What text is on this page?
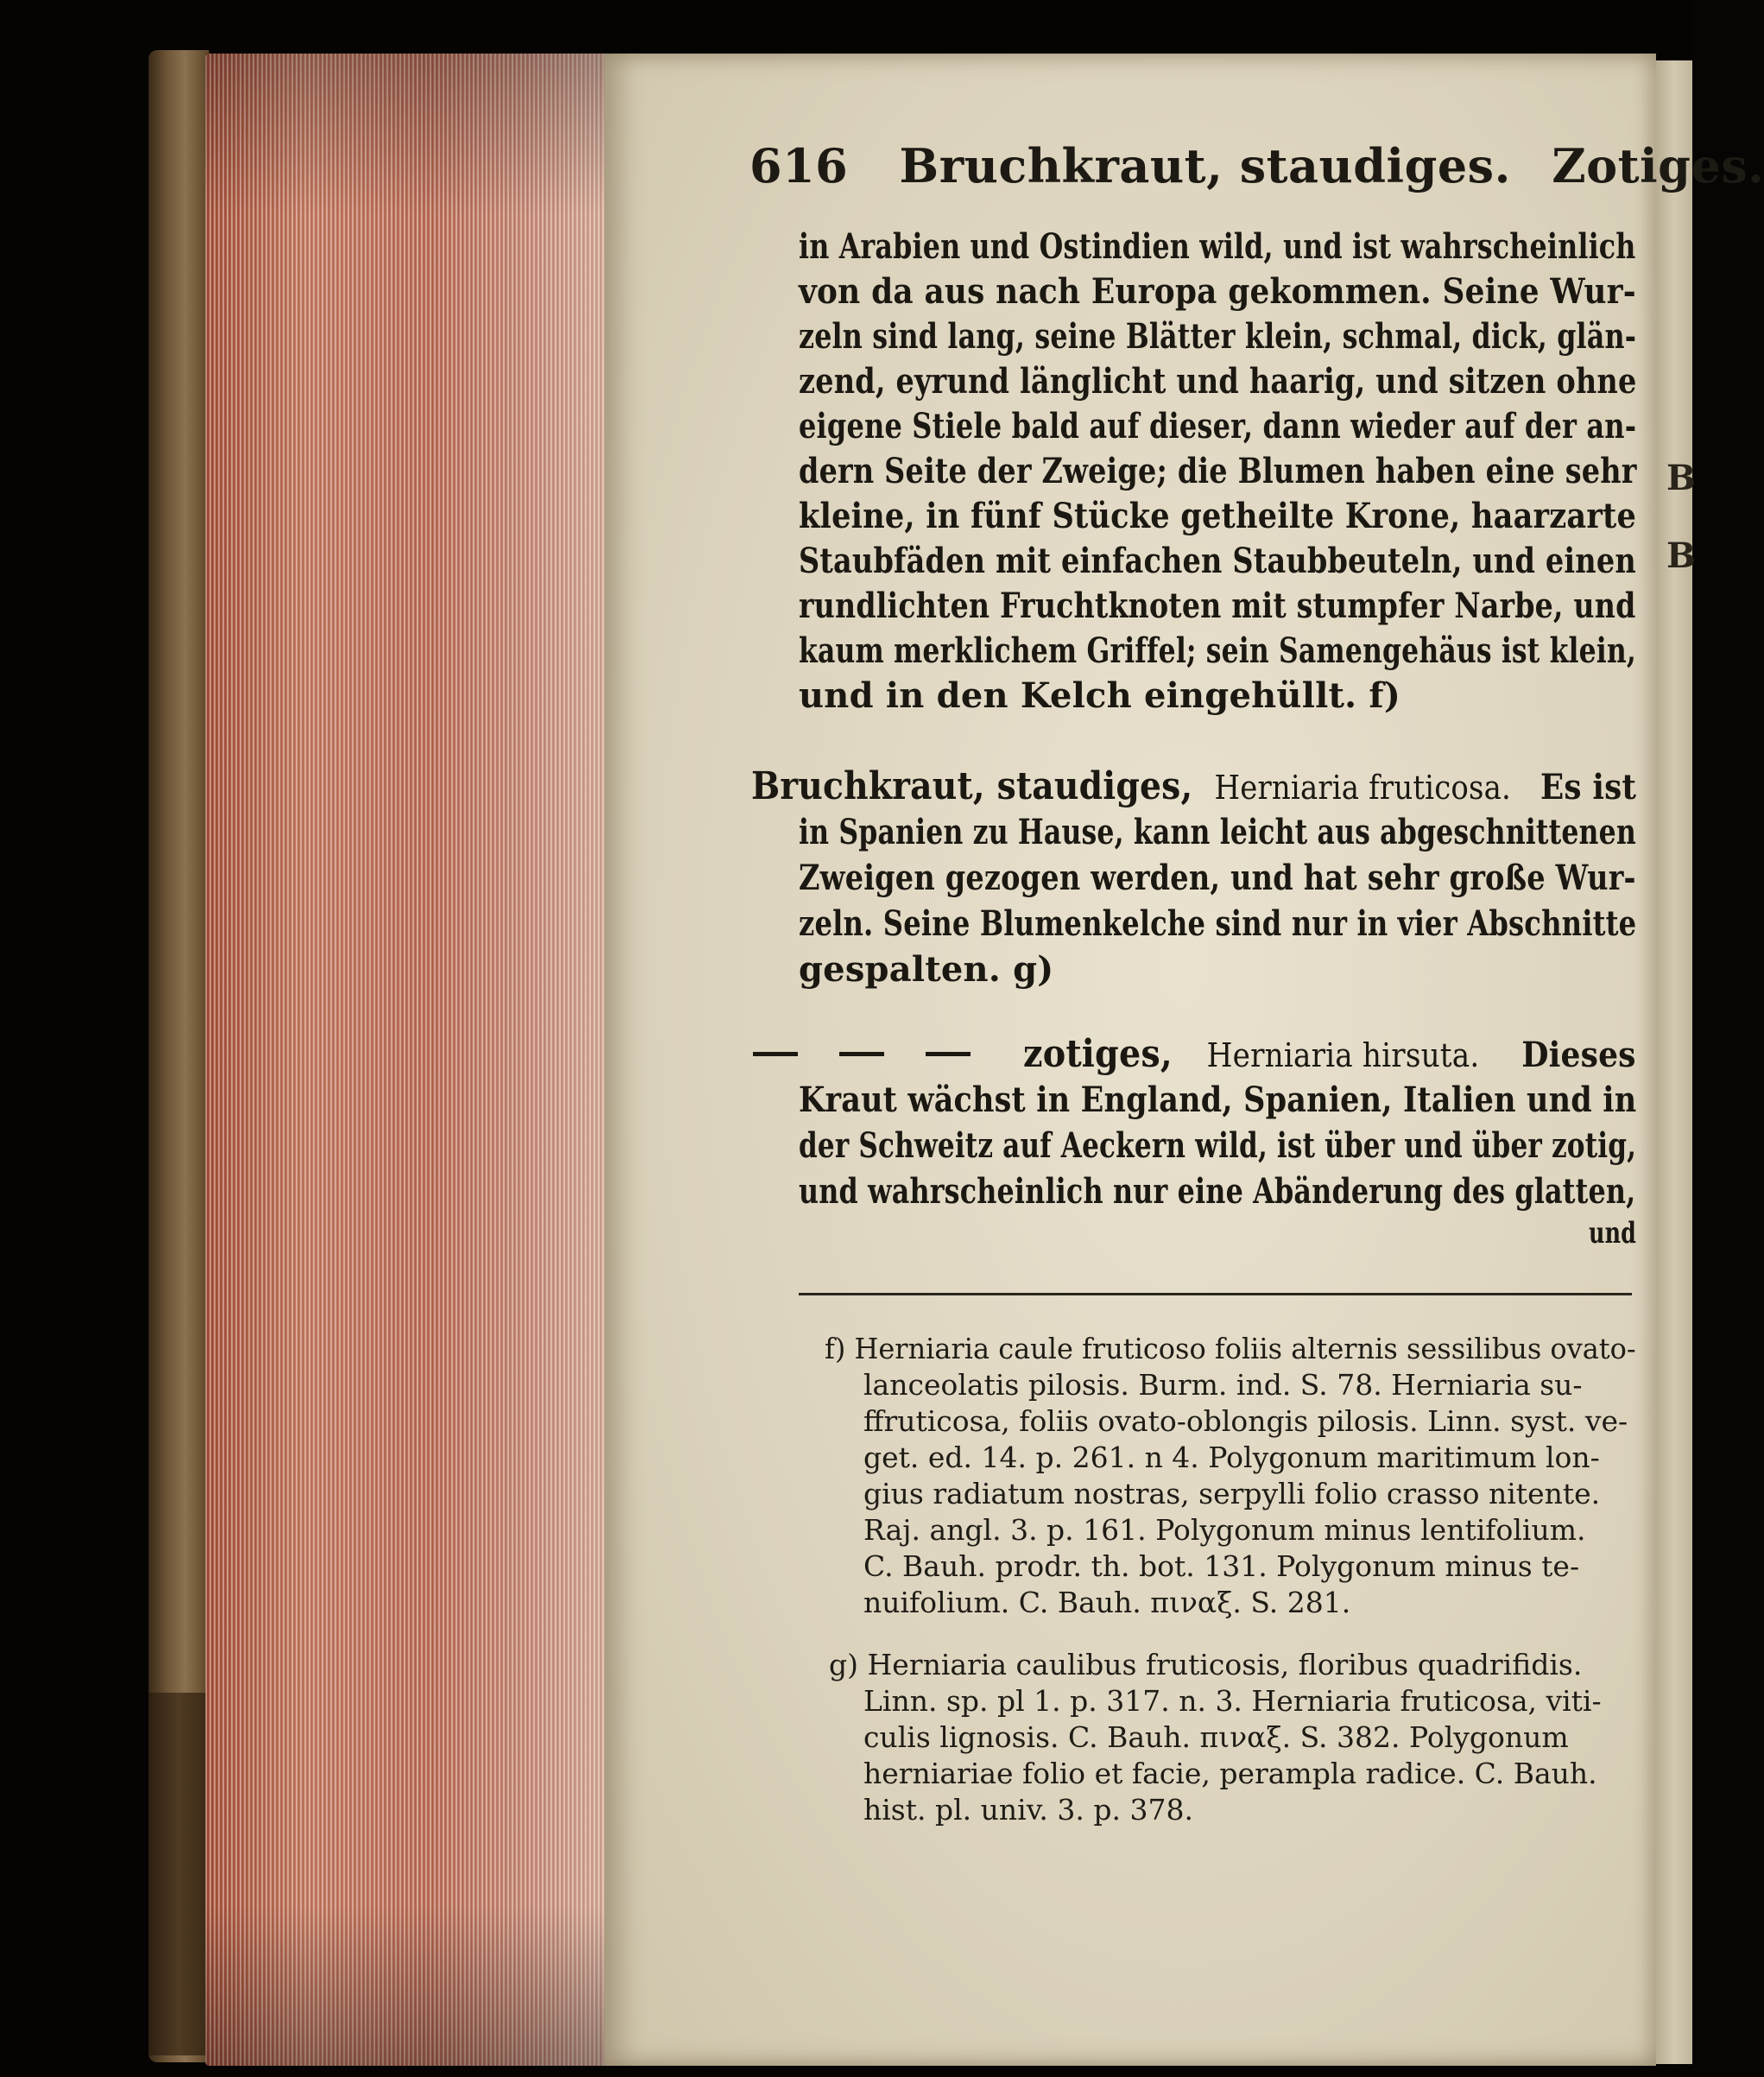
B
B
616 Bruchkraut, staudiges. Zotiges.
in Arabien und Ostindien wild, und ist wahrscheinlich
von da aus nach Europa gekommen. Seine Wur-
zeln sind lang, seine Blätter klein, schmal, dick, glän-
zend, eyrund länglicht und haarig, und sitzen ohne
eigene Stiele bald auf dieser, dann wieder auf der an-
dern Seite der Zweige; die Blumen haben eine sehr
kleine, in fünf Stücke getheilte Krone, haarzarte
Staubfäden mit einfachen Staubbeuteln, und einen
rundlichten Fruchtknoten mit stumpfer Narbe, und
kaum merklichem Griffel; sein Samengehäus ist klein,
und in den Kelch eingehüllt. f)
Bruchkraut, staudiges, Herniaria fruticosa. Es ist
in Spanien zu Hause, kann leicht aus abgeschnittenen
Zweigen gezogen werden, und hat sehr große Wur-
zeln. Seine Blumenkelche sind nur in vier Abschnitte
gespalten. g)
zotiges, Herniaria hirsuta. Dieses
Kraut wächst in England, Spanien, Italien und in
der Schweitz auf Aeckern wild, ist über und über zotig,
und wahrscheinlich nur eine Abänderung des glatten,
und
f) Herniaria caule fruticoso foliis alternis sessilibus ovato-
lanceolatis pilosis. Burm. ind. S. 78. Herniaria su-
ffruticosa, foliis ovato-oblongis pilosis. Linn. syst. ve-
get. ed. 14. p. 261. n 4. Polygonum maritimum lon-
gius radiatum nostras, serpylli folio crasso nitente.
Raj. angl. 3. p. 161. Polygonum minus lentifolium.
C. Bauh. prodr. th. bot. 131. Polygonum minus te-
nuifolium. C. Bauh. πιναξ. S. 281.
g) Herniaria caulibus fruticosis, floribus quadrifidis.
Linn. sp. pl 1. p. 317. n. 3. Herniaria fruticosa, viti-
culis lignosis. C. Bauh. πιναξ. S. 382. Polygonum
herniariae folio et facie, perampla radice. C. Bauh.
hist. pl. univ. 3. p. 378.
